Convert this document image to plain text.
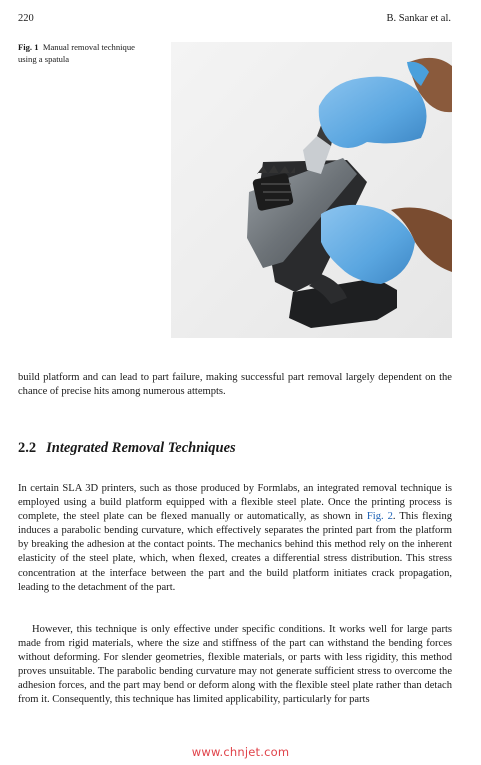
220	B. Sankar et al.
Fig. 1 Manual removal technique using a spatula

build platform and can lead to part failure, making successful part removal largely dependent on the chance of precise hits among numerous attempts.

2.2 Integrated Removal Techniques

In certain SLA 3D printers, such as those produced by Formlabs, an integrated removal technique is employed using a build platform equipped with a flexible steel plate. Once the printing process is complete, the steel plate can be flexed manually or automatically, as shown in Fig. 2. This flexing induces a parabolic bending curvature, which effectively separates the printed part from the platform by breaking the adhesion at the contact points. The mechanics behind this method rely on the inherent elasticity of the steel plate, which, when flexed, creates a differential stress distribution. This stress concentration at the interface between the part and the build platform initiates crack propagation, leading to the detachment of the part.

However, this technique is only effective under specific conditions. It works well for large parts made from rigid materials, where the size and stiffness of the part can withstand the bending forces without deforming. For slender geometries, flexible materials, or parts with less rigidity, this method proves unsuitable. The parabolic bending curvature may not generate sufficient stress to overcome the adhesion forces, and the part may bend or deform along with the flexible steel plate rather than detach from it. Consequently, this technique has limited applicability, particularly for parts

www.chnjet.com
